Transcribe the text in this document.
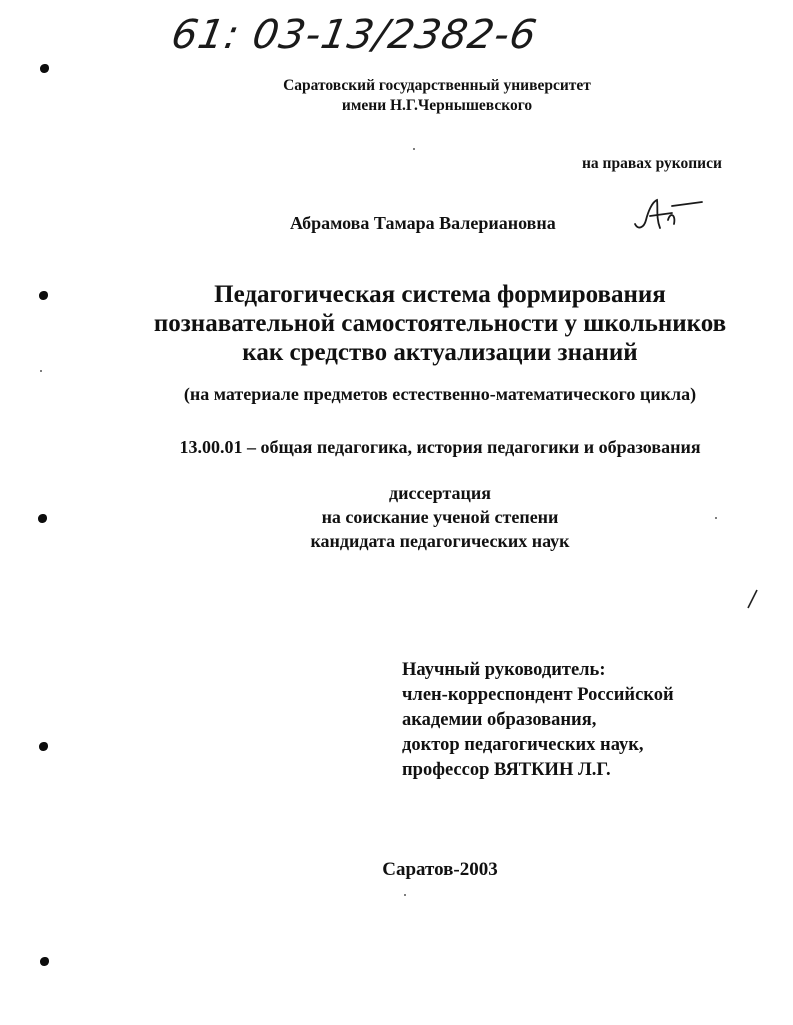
61: 03-13/2382-6
Саратовский государственный университет
имени Н.Г.Чернышевского
на правах рукописи
Абрамова Тамара Валериановна
Педагогическая система формирования
познавательной самостоятельности у школьников
как средство актуализации знаний
(на материале предметов естественно-математического цикла)
13.00.01 – общая педагогика, история педагогики и образования
диссертация
на соискание ученой степени
кандидата педагогических наук
Научный руководитель:
член-корреспондент Российской
академии образования,
доктор педагогических наук,
профессор ВЯТКИН Л.Г.
Саратов-2003
